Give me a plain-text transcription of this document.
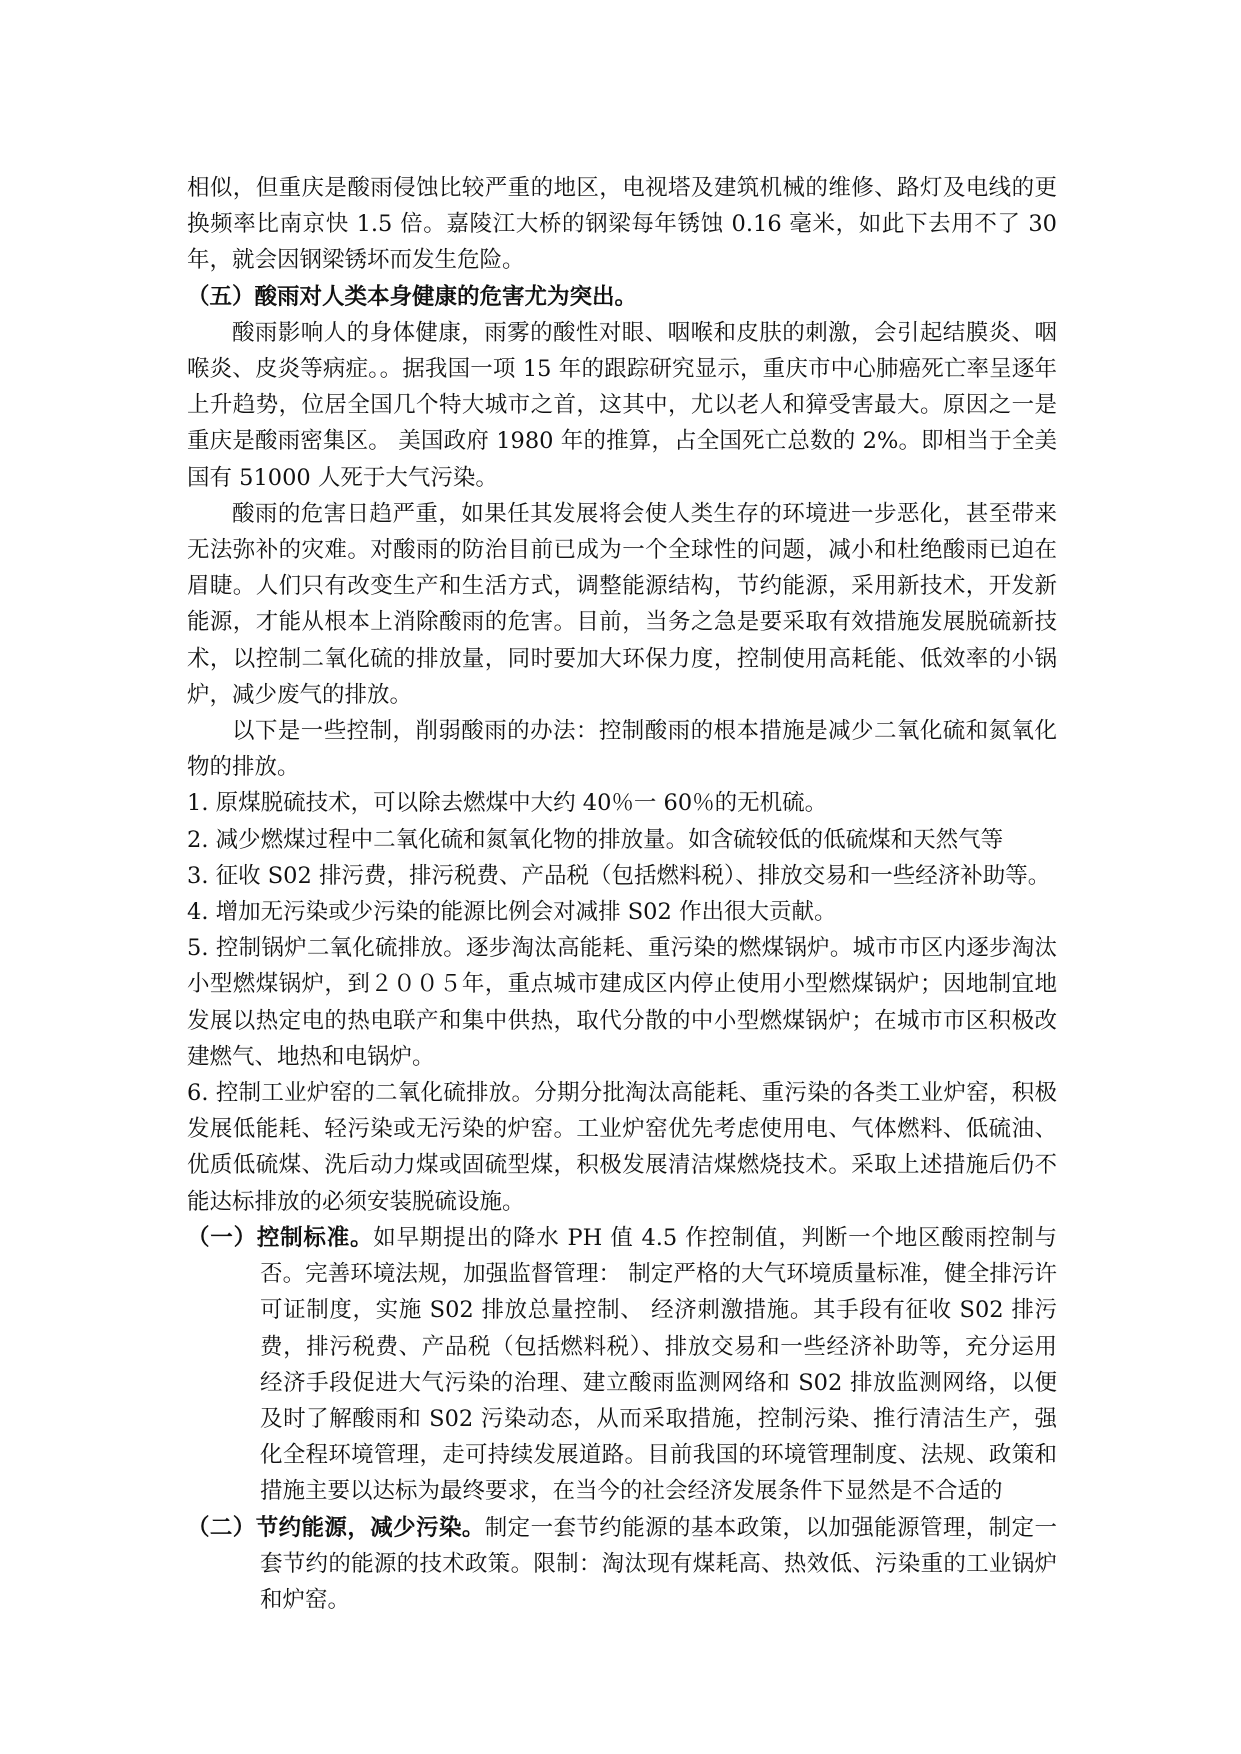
相似，但重庆是酸雨侵蚀比较严重的地区，电视塔及建筑机械的维修、路灯及电线的更换频率比南京快 1.5 倍。嘉陵江大桥的钢梁每年锈蚀 0.16 毫米，如此下去用不了 30 年，就会因钢梁锈坏而发生危险。

（五）酸雨对人类本身健康的危害尤为突出。

酸雨影响人的身体健康，雨雾的酸性对眼、咽喉和皮肤的刺激，会引起结膜炎、咽喉炎、皮炎等病症。。据我国一项 15 年的跟踪研究显示，重庆市中心肺癌死亡率呈逐年上升趋势，位居全国几个特大城市之首，这其中，尤以老人和獐受害最大。原因之一是重庆是酸雨密集区。 美国政府 1980 年的推算，占全国死亡总数的 2%。即相当于全美国有 51000 人死于大气污染。

酸雨的危害日趋严重，如果任其发展将会使人类生存的环境进一步恶化，甚至带来无法弥补的灾难。对酸雨的防治目前已成为一个全球性的问题，减小和杜绝酸雨已迫在眉睫。人们只有改变生产和生活方式，调整能源结构，节约能源，采用新技术，开发新能源，才能从根本上消除酸雨的危害。目前，当务之急是要采取有效措施发展脱硫新技术，以控制二氧化硫的排放量，同时要加大环保力度，控制使用高耗能、低效率的小锅炉，减少废气的排放。

以下是一些控制，削弱酸雨的办法：控制酸雨的根本措施是减少二氧化硫和氮氧化物的排放。

1. 原煤脱硫技术，可以除去燃煤中大约 40％一 60％的无机硫。

2. 减少燃煤过程中二氧化硫和氮氧化物的排放量。如含硫较低的低硫煤和天然气等

3. 征收 S02 排污费，排污税费、产品税（包括燃料税）、排放交易和一些经济补助等。

4. 增加无污染或少污染的能源比例会对减排 S02 作出很大贡献。

5. 控制锅炉二氧化硫排放。逐步淘汰高能耗、重污染的燃煤锅炉。城市市区内逐步淘汰小型燃煤锅炉，到２００５年，重点城市建成区内停止使用小型燃煤锅炉；因地制宜地发展以热定电的热电联产和集中供热，取代分散的中小型燃煤锅炉；在城市市区积极改建燃气、地热和电锅炉。

6. 控制工业炉窑的二氧化硫排放。分期分批淘汰高能耗、重污染的各类工业炉窑，积极发展低能耗、轻污染或无污染的炉窑。工业炉窑优先考虑使用电、气体燃料、低硫油、优质低硫煤、洗后动力煤或固硫型煤，积极发展清洁煤燃烧技术。采取上述措施后仍不能达标排放的必须安装脱硫设施。

（一）控制标准。如早期提出的降水 PH 值 4.5 作控制值，判断一个地区酸雨控制与否。完善环境法规，加强监督管理： 制定严格的大气环境质量标准，健全排污许可证制度，实施 S02 排放总量控制、 经济刺激措施。其手段有征收 S02 排污费，排污税费、产品税（包括燃料税）、排放交易和一些经济补助等，充分运用经济手段促进大气污染的治理、建立酸雨监测网络和 S02 排放监测网络，以便及时了解酸雨和 S02 污染动态，从而采取措施，控制污染、推行清洁生产，强化全程环境管理，走可持续发展道路。目前我国的环境管理制度、法规、政策和措施主要以达标为最终要求，在当今的社会经济发展条件下显然是不合适的

（二）节约能源，减少污染。制定一套节约能源的基本政策，以加强能源管理，制定一套节约的能源的技术政策。限制：淘汰现有煤耗高、热效低、污染重的工业锅炉和炉窑。
